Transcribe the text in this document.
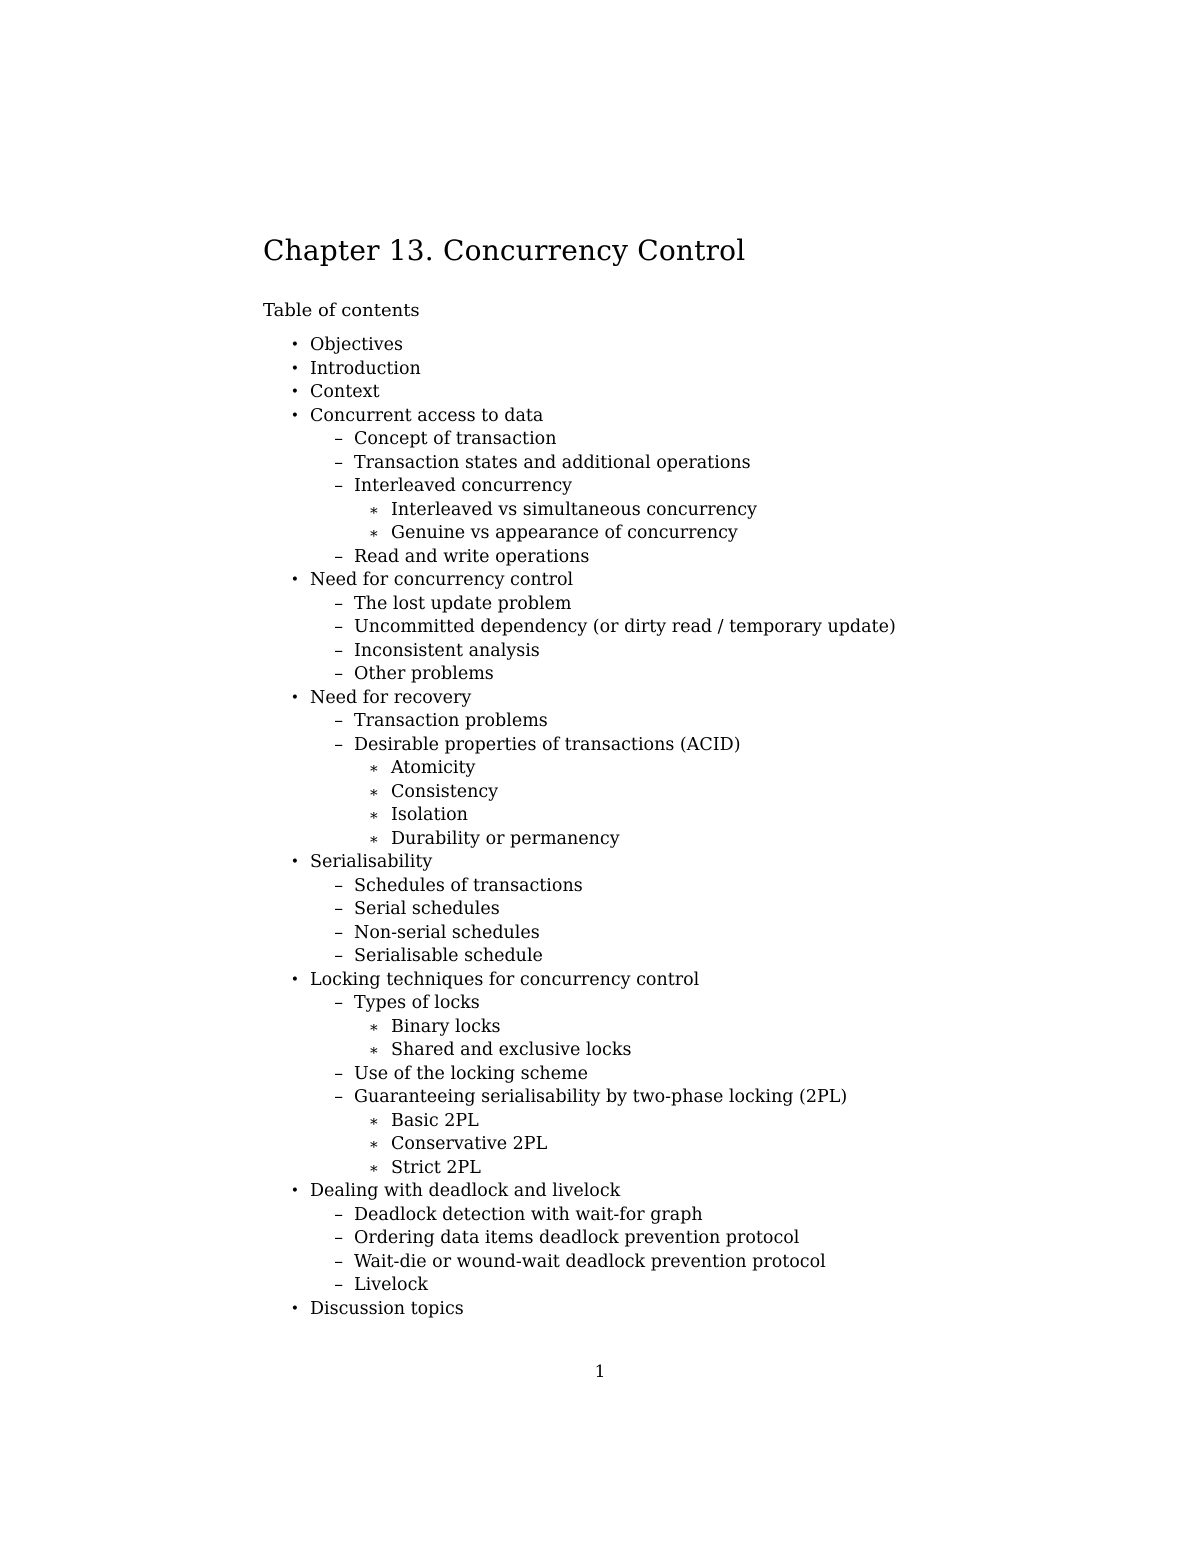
Chapter 13. Concurrency Control
Table of contents
• Objectives
• Introduction
• Context
• Concurrent access to data
– Concept of transaction
– Transaction states and additional operations
– Interleaved concurrency
∗ Interleaved vs simultaneous concurrency
∗ Genuine vs appearance of concurrency
– Read and write operations
• Need for concurrency control
– The lost update problem
– Uncommitted dependency (or dirty read / temporary update)
– Inconsistent analysis
– Other problems
• Need for recovery
– Transaction problems
– Desirable properties of transactions (ACID)
∗ Atomicity
∗ Consistency
∗ Isolation
∗ Durability or permanency
• Serialisability
– Schedules of transactions
– Serial schedules
– Non-serial schedules
– Serialisable schedule
• Locking techniques for concurrency control
– Types of locks
∗ Binary locks
∗ Shared and exclusive locks
– Use of the locking scheme
– Guaranteeing serialisability by two-phase locking (2PL)
∗ Basic 2PL
∗ Conservative 2PL
∗ Strict 2PL
• Dealing with deadlock and livelock
– Deadlock detection with wait-for graph
– Ordering data items deadlock prevention protocol
– Wait-die or wound-wait deadlock prevention protocol
– Livelock
• Discussion topics
1
